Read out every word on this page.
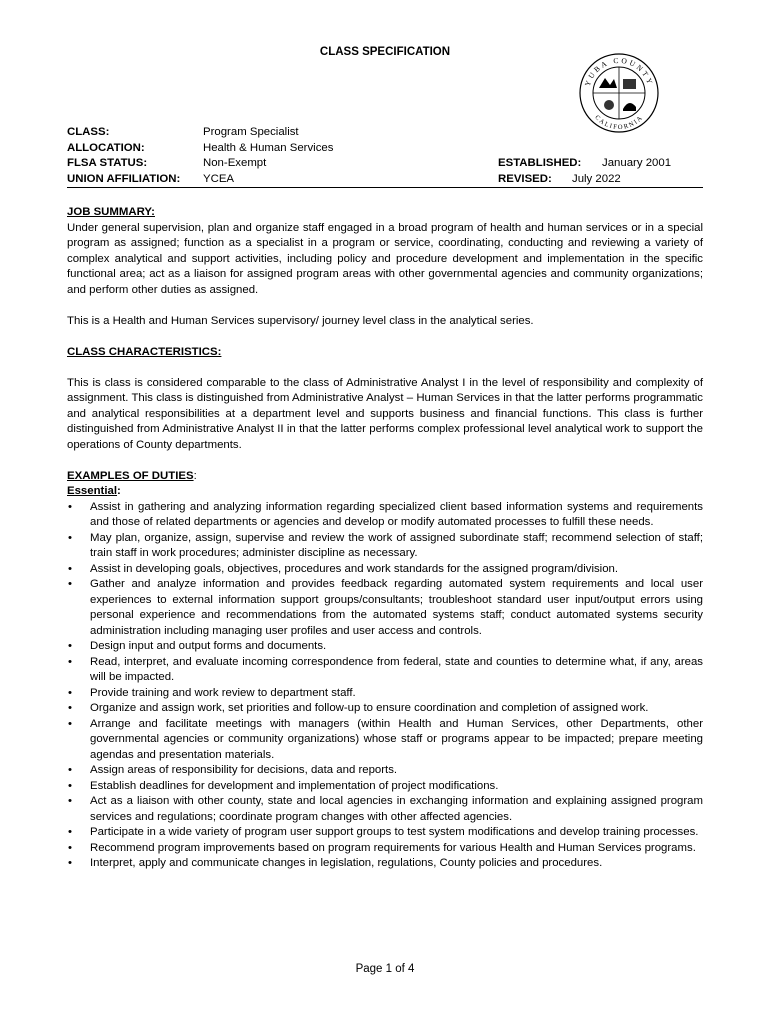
CLASS SPECIFICATION
YUBA COUNTY
CALIFORNIA
CLASS:	Program Specialist
ALLOCATION:	Health & Human Services
FLSA STATUS:	Non-Exempt
UNION AFFILIATION:	YCEA
ESTABLISHED: January 2001
REVISED: July 2022
JOB SUMMARY:

Under general supervision, plan and organize staff engaged in a broad program of health and human services or in a special program as assigned; function as a specialist in a program or service, coordinating, conducting and reviewing a variety of complex analytical and support activities, including policy and procedure development and implementation in the specific functional area; act as a liaison for assigned program areas with other governmental agencies and community organizations; and perform other duties as assigned.

This is a Health and Human Services supervisory/ journey level class in the analytical series.

CLASS CHARACTERISTICS:

This is class is considered comparable to the class of Administrative Analyst I in the level of responsibility and complexity of assignment. This class is distinguished from Administrative Analyst – Human Services in that the latter performs programmatic and analytical responsibilities at a department level and supports business and financial functions. This class is further distinguished from Administrative Analyst II in that the latter performs complex professional level analytical work to support the operations of County departments.

EXAMPLES OF DUTIES:
Essential:
• Assist in gathering and analyzing information regarding specialized client based information systems and requirements and those of related departments or agencies and develop or modify automated processes to fulfill these needs.
• May plan, organize, assign, supervise and review the work of assigned subordinate staff; recommend selection of staff; train staff in work procedures; administer discipline as necessary.
• Assist in developing goals, objectives, procedures and work standards for the assigned program/division.
• Gather and analyze information and provides feedback regarding automated system requirements and local user experiences to external information support groups/consultants; troubleshoot standard user input/output errors using personal experience and recommendations from the automated systems staff; conduct automated systems security administration including managing user profiles and user access and controls.
• Design input and output forms and documents.
• Read, interpret, and evaluate incoming correspondence from federal, state and counties to determine what, if any, areas will be impacted.
• Provide training and work review to department staff.
• Organize and assign work, set priorities and follow-up to ensure coordination and completion of assigned work.
• Arrange and facilitate meetings with managers (within Health and Human Services, other Departments, other governmental agencies or community organizations) whose staff or programs appear to be impacted; prepare meeting agendas and presentation materials.
• Assign areas of responsibility for decisions, data and reports.
• Establish deadlines for development and implementation of project modifications.
• Act as a liaison with other county, state and local agencies in exchanging information and explaining assigned program services and regulations; coordinate program changes with other affected agencies.
• Participate in a wide variety of program user support groups to test system modifications and develop training processes.
• Recommend program improvements based on program requirements for various Health and Human Services programs.
• Interpret, apply and communicate changes in legislation, regulations, County policies and procedures.
Page 1 of 4
